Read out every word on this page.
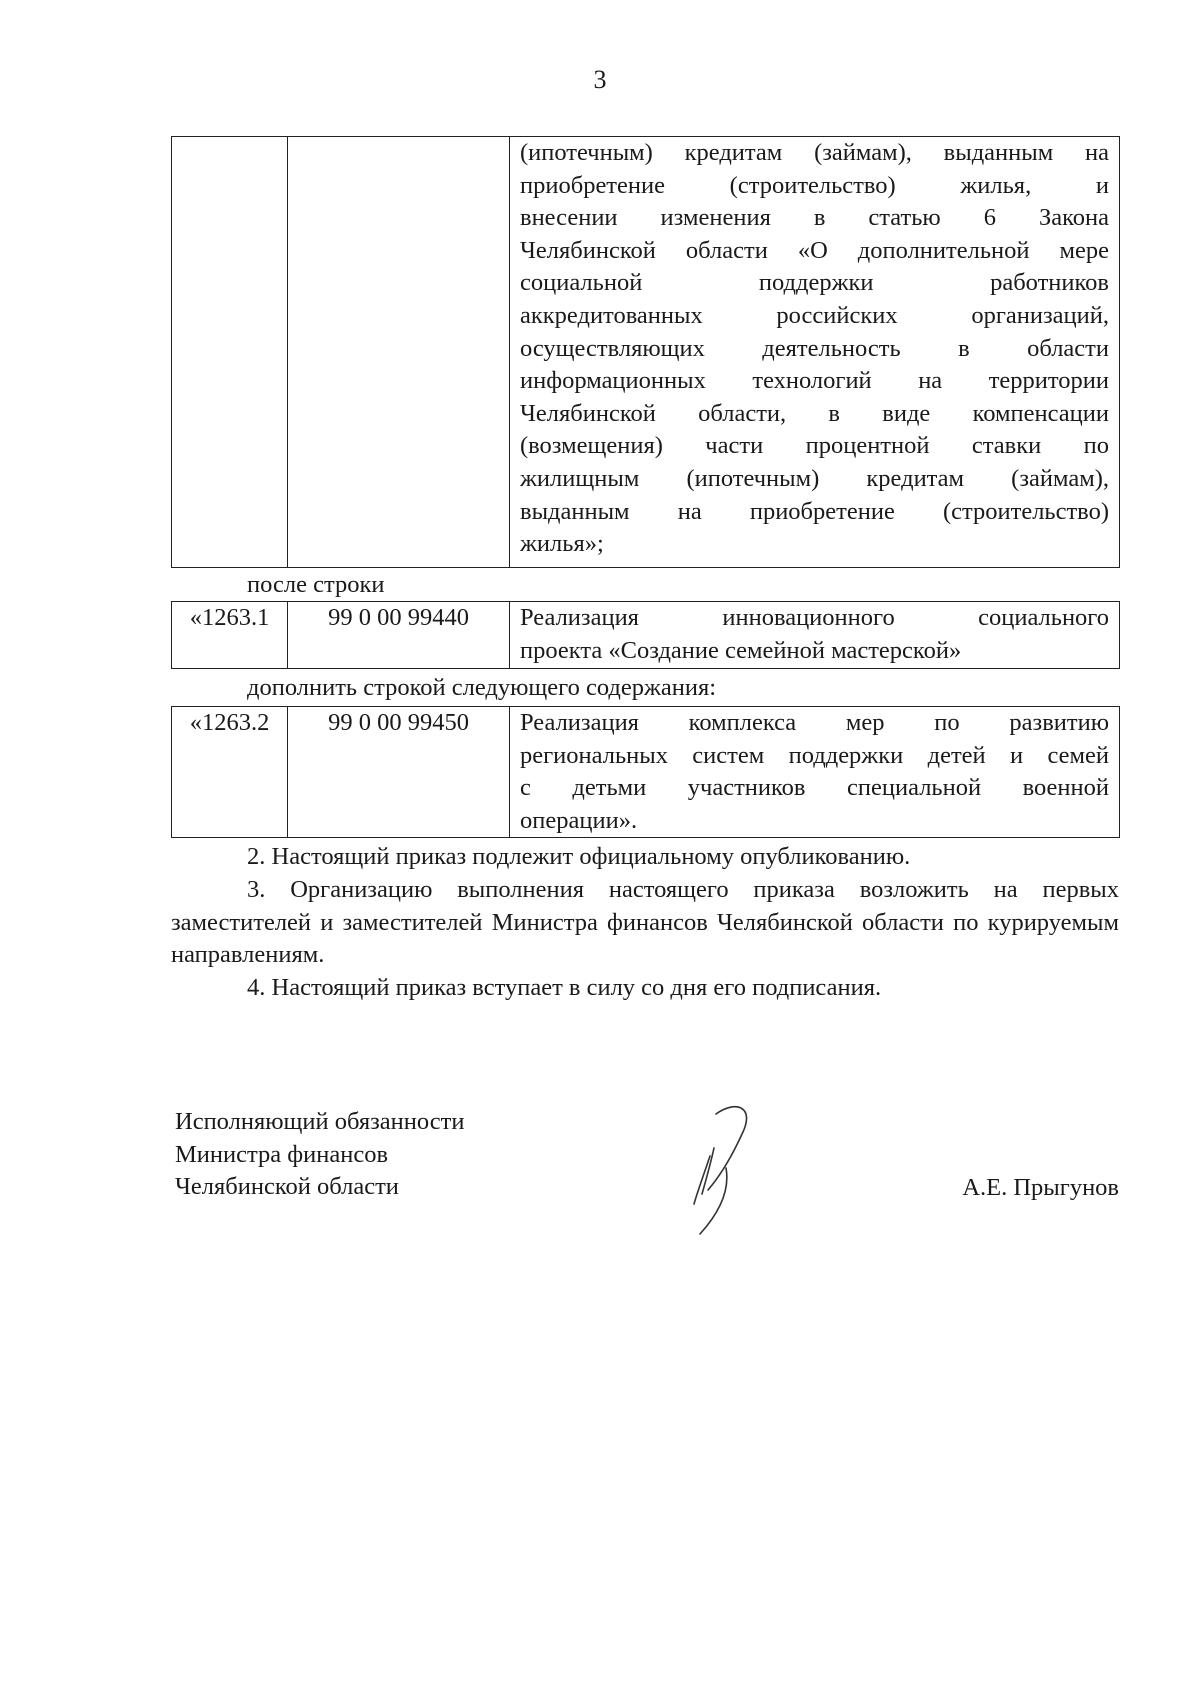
3

(ипотечным) кредитам (займам), выданным на
приобретение (строительство) жилья, и
внесении изменения в статью 6 Закона
Челябинской области «О дополнительной мере
социальной поддержки работников
аккредитованных российских организаций,
осуществляющих деятельность в области
информационных технологий на территории
Челябинской области, в виде компенсации
(возмещения) части процентной ставки по
жилищным (ипотечным) кредитам (займам),
выданным на приобретение (строительство)
жилья»;
после строки
«1263.1	99 0 00 99440	Реализация инновационного социального
проекта «Создание семейной мастерской»
дополнить строкой следующего содержания:
«1263.2	99 0 00 99450	Реализация комплекса мер по развитию
региональных систем поддержки детей и семей
с детьми участников специальной военной
операции».
2. Настоящий приказ подлежит официальному опубликованию.
3. Организацию выполнения настоящего приказа возложить на первых заместителей и заместителей Министра финансов Челябинской области по курируемым направлениям.
4. Настоящий приказ вступает в силу со дня его подписания.
Исполняющий обязанности
Министра финансов
Челябинской области	А.Е. Прыгунов
